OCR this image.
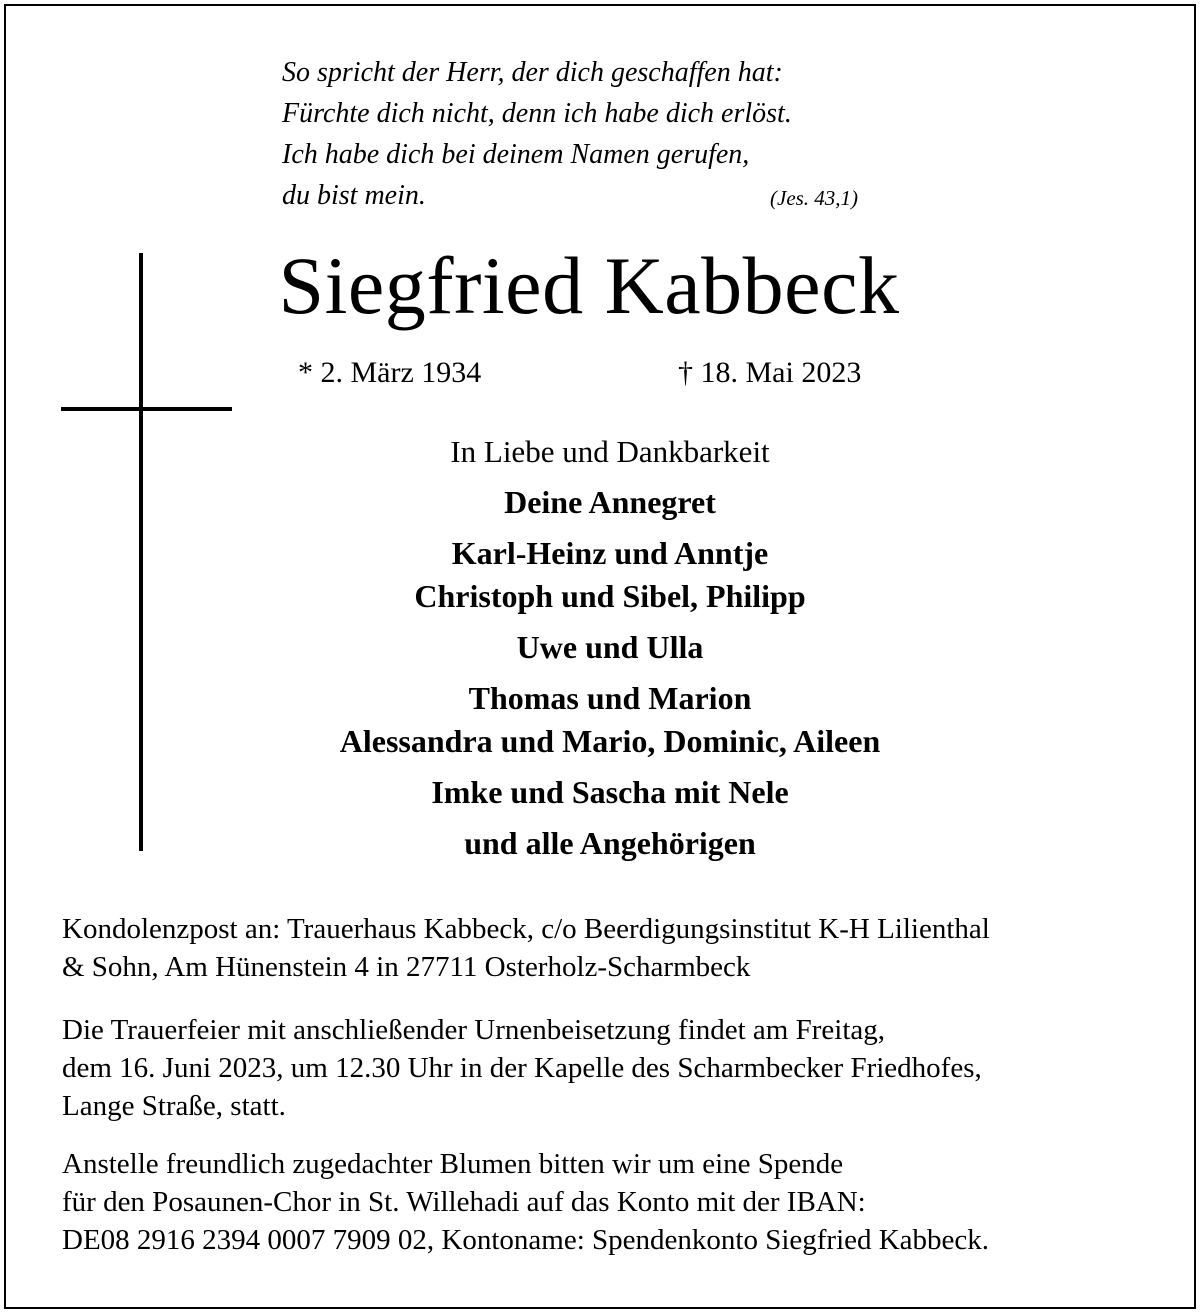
So spricht der Herr, der dich geschaffen hat:
Fürchte dich nicht, denn ich habe dich erlöst.
Ich habe dich bei deinem Namen gerufen,
du bist mein.	(Jes. 43,1)
Siegfried Kabbeck
* 2. März 1934	† 18. Mai 2023

In Liebe und Dankbarkeit

Deine Annegret

Karl-Heinz und Anntje
Christoph und Sibel, Philipp

Uwe und Ulla

Thomas und Marion
Alessandra und Mario, Dominic, Aileen

Imke und Sascha mit Nele

und alle Angehörigen

Kondolenzpost an: Trauerhaus Kabbeck, c/o Beerdigungsinstitut K-H Lilienthal
& Sohn, Am Hünenstein 4 in 27711 Osterholz-Scharmbeck
Die Trauerfeier mit anschließender Urnenbeisetzung findet am Freitag,
dem 16. Juni 2023, um 12.30 Uhr in der Kapelle des Scharmbecker Friedhofes,
Lange Straße, statt.
Anstelle freundlich zugedachter Blumen bitten wir um eine Spende
für den Posaunen-Chor in St. Willehadi auf das Konto mit der IBAN:
DE08 2916 2394 0007 7909 02, Kontoname: Spendenkonto Siegfried Kabbeck.
